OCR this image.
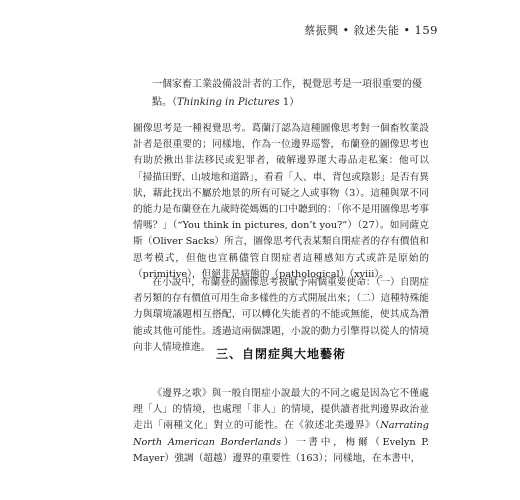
蔡振興 • 敘述失能 • 159
一個家畜工業設備設計者的工作，視覺思考是一項很重要的優點。（Thinking in Pictures 1）
圖像思考是一種視覺思考。葛蘭汀認為這種圖像思考對一個畜牧業設計者是很重要的；同樣地，作為一位邊界巡警，布蘭登的圖像思考也有助於揪出非法移民或犯罪者，破解邊界運大毒品走私案：他可以「掃描田野、山坡地和道路」，看看「人、車、背包或陰影」是否有異狀，藉此找出不屬於地景的所有可疑之人或事物（3）。這種與眾不同的能力是布蘭登在九歲時從媽媽的口中聽到的：「你不是用圖像思考事情嗎？」（“You think in pictures, don’t you?”）（27）。如同薩克斯（Oliver Sacks）所言，圖像思考代表某類自閉症者的存有價值和思考模式，但他也宣稱儘管自閉症者這種感知方式或許是原始的（primitive），但絕非是病態的（pathological）（xviii）。
在小說中，布蘭登的圖像思考被賦予兩個重要使命：（一）自閉症者另類的存有價值可用生命多樣性的方式開展出來；（二）這種特殊能力與環境議題相互搭配，可以轉化失能者的不能或無能，使其成為潛能或其他可能性。透過這兩個課題，小說的動力引擎得以從人的情境向非人情境推進。 三、自閉症與大地藝術
《邊界之歌》與一般自閉症小說最大的不同之處是因為它不僅處理「人」的情境，也處理「非人」的情境，提供讀者批判邊界政治並走出「兩種文化」對立的可能性。在《敘述北美邊界》（Narrating North American Borderlands）一書中，梅爾（Evelyn P. Mayer）強調（超越）邊界的重要性（163）；同樣地，在本書中，
